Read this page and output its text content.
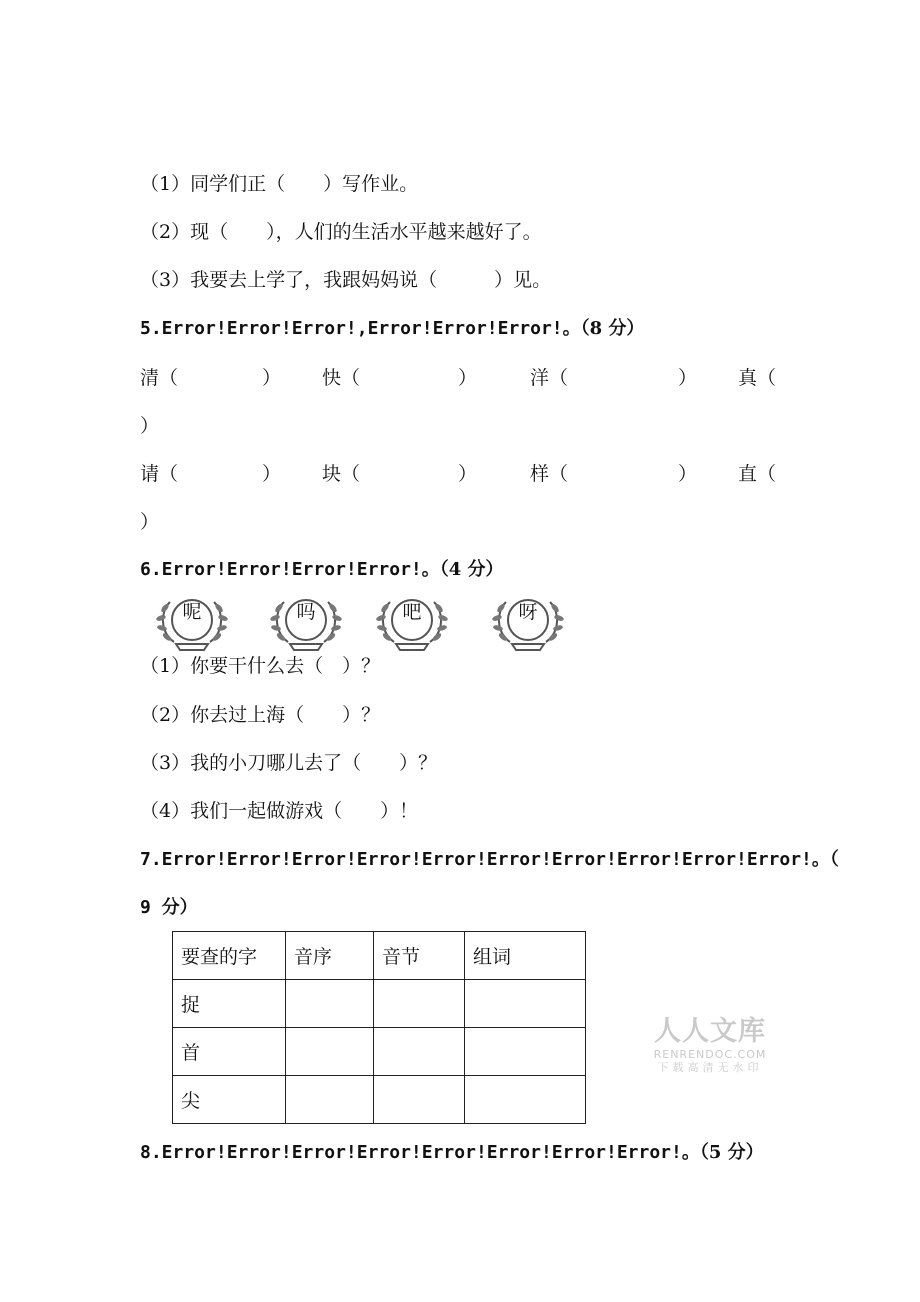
（1）同学们正（　　）写作业。
（2）现（　　），人们的生活水平越来越好了。
（3）我要去上学了，我跟妈妈说（　　　）见。
5.Error!Error!Error!,Error!Error!Error!。（8 分）
清（	） 快（	）	洋（	） 真（
）
请（	） 块（	）	样（	） 直（
）
6.Error!Error!Error!Error!。（4 分）
呢	吗	吧	呀
（1）你要干什么去（　）？
（2）你去过上海（　　）？
（3）我的小刀哪儿去了（　　）？
（4）我们一起做游戏（　　）！
7.Error!Error!Error!Error!Error!Error!Error!Error!Error!Error!。（
9 分）
要查的字	音序	音节	组词
捉			
首			
尖			
人人文库
RENRENDOC.COM
下载高清无水印
8.Error!Error!Error!Error!Error!Error!Error!Error!。（5 分）
